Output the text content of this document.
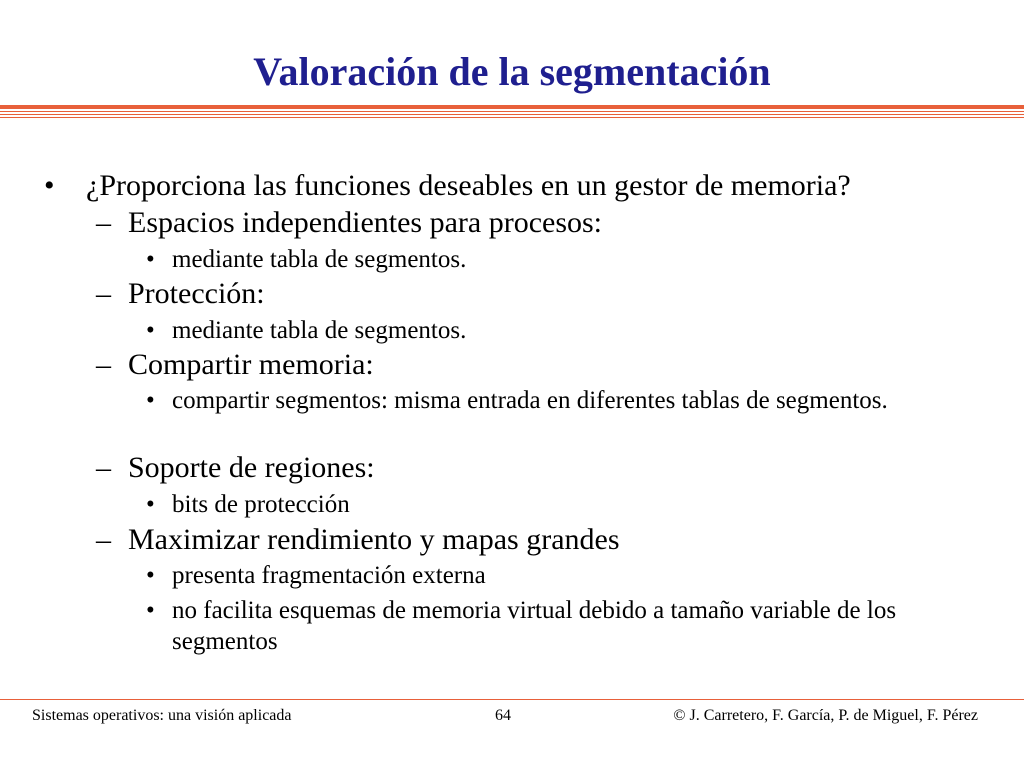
Valoración de la segmentación
• ¿Proporciona las funciones deseables en un gestor de memoria?
– Espacios independientes para procesos:
• mediante tabla de segmentos.
– Protección:
• mediante tabla de segmentos.
– Compartir memoria:
• compartir segmentos: misma entrada en diferentes tablas de segmentos.
– Soporte de regiones:
• bits de protección
– Maximizar rendimiento y mapas grandes
• presenta fragmentación externa
• no facilita esquemas de memoria virtual debido a tamaño variable de los segmentos
Sistemas operativos: una visión aplicada	64	© J. Carretero, F. García, P. de Miguel, F. Pérez
